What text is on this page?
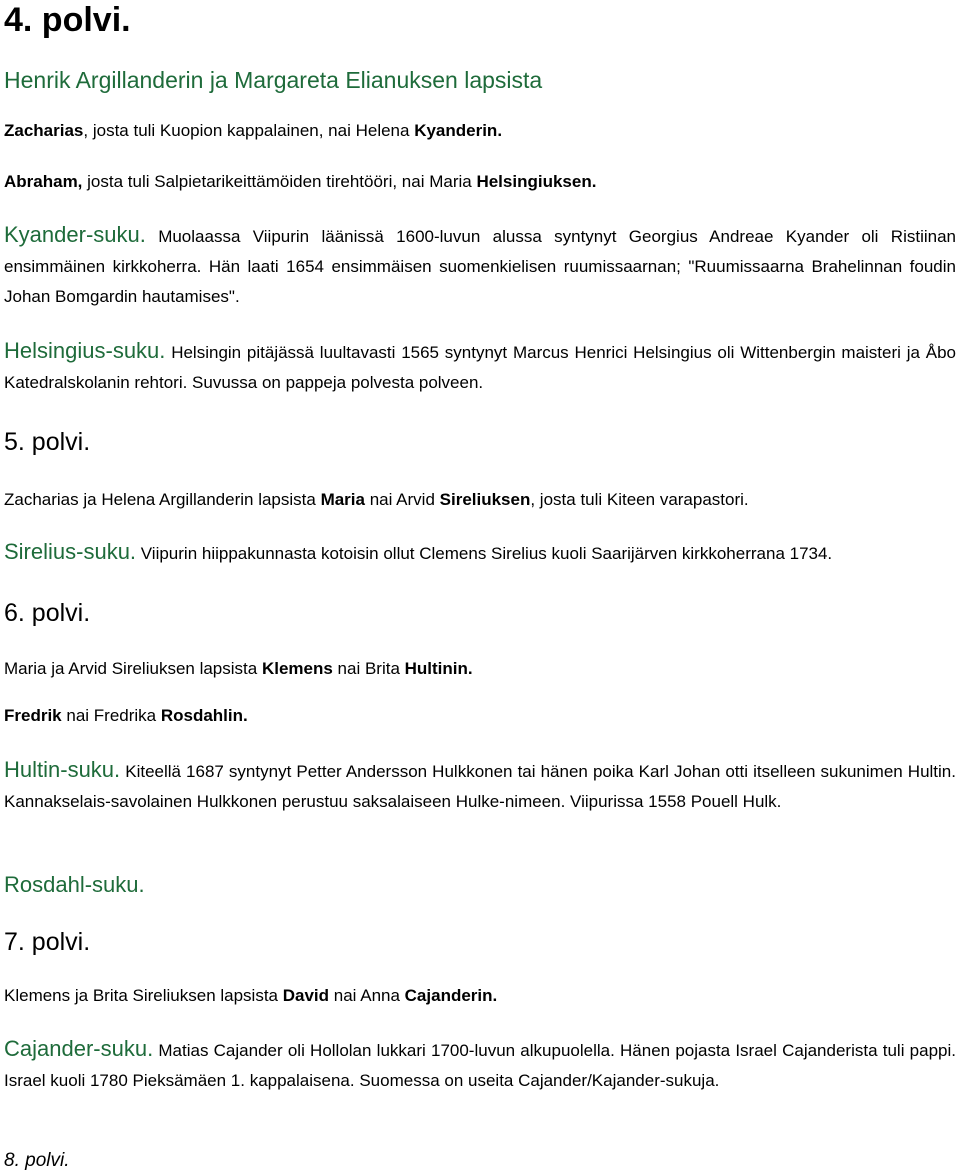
4. polvi.
Henrik Argillanderin ja Margareta Elianuksen lapsista

Zacharias, josta tuli Kuopion kappalainen, nai Helena Kyanderin.

Abraham, josta tuli Salpietarikeittämöiden tirehtööri, nai Maria Helsingiuksen.

Kyander-suku. Muolaassa Viipurin läänissä 1600-luvun alussa syntynyt Georgius Andreae Kyander oli Ristiinan ensimmäinen kirkkoherra. Hän laati 1654 ensimmäisen suomenkielisen ruumissaarnan; "Ruumissaarna Brahelinnan foudin Johan Bomgardin hautamises".

Helsingius-suku. Helsingin pitäjässä luultavasti 1565 syntynyt Marcus Henrici Helsingius oli Wittenbergin maisteri ja Åbo Katedralskolanin rehtori. Suvussa on pappeja polvesta polveen.

5. polvi.

Zacharias ja Helena Argillanderin lapsista Maria nai Arvid Sireliuksen, josta tuli Kiteen varapastori.

Sirelius-suku. Viipurin hiippakunnasta kotoisin ollut Clemens Sirelius kuoli Saarijärven kirkkoherrana 1734.

6. polvi.

Maria ja Arvid Sireliuksen lapsista Klemens nai Brita Hultinin.

Fredrik nai Fredrika Rosdahlin.

Hultin-suku. Kiteellä 1687 syntynyt Petter Andersson Hulkkonen tai hänen poika Karl Johan otti itselleen sukunimen Hultin. Kannakselais-savolainen Hulkkonen perustuu saksalaiseen Hulke-nimeen. Viipurissa 1558 Pouell Hulk.

Rosdahl-suku.

7. polvi.

Klemens ja Brita Sireliuksen lapsista David nai Anna Cajanderin.

Cajander-suku. Matias Cajander oli Hollolan lukkari 1700-luvun alkupuolella. Hänen pojasta Israel Cajanderista tuli pappi. Israel kuoli 1780 Pieksämäen 1. kappalaisena. Suomessa on useita Cajander/Kajander-sukuja.

8. polvi.
